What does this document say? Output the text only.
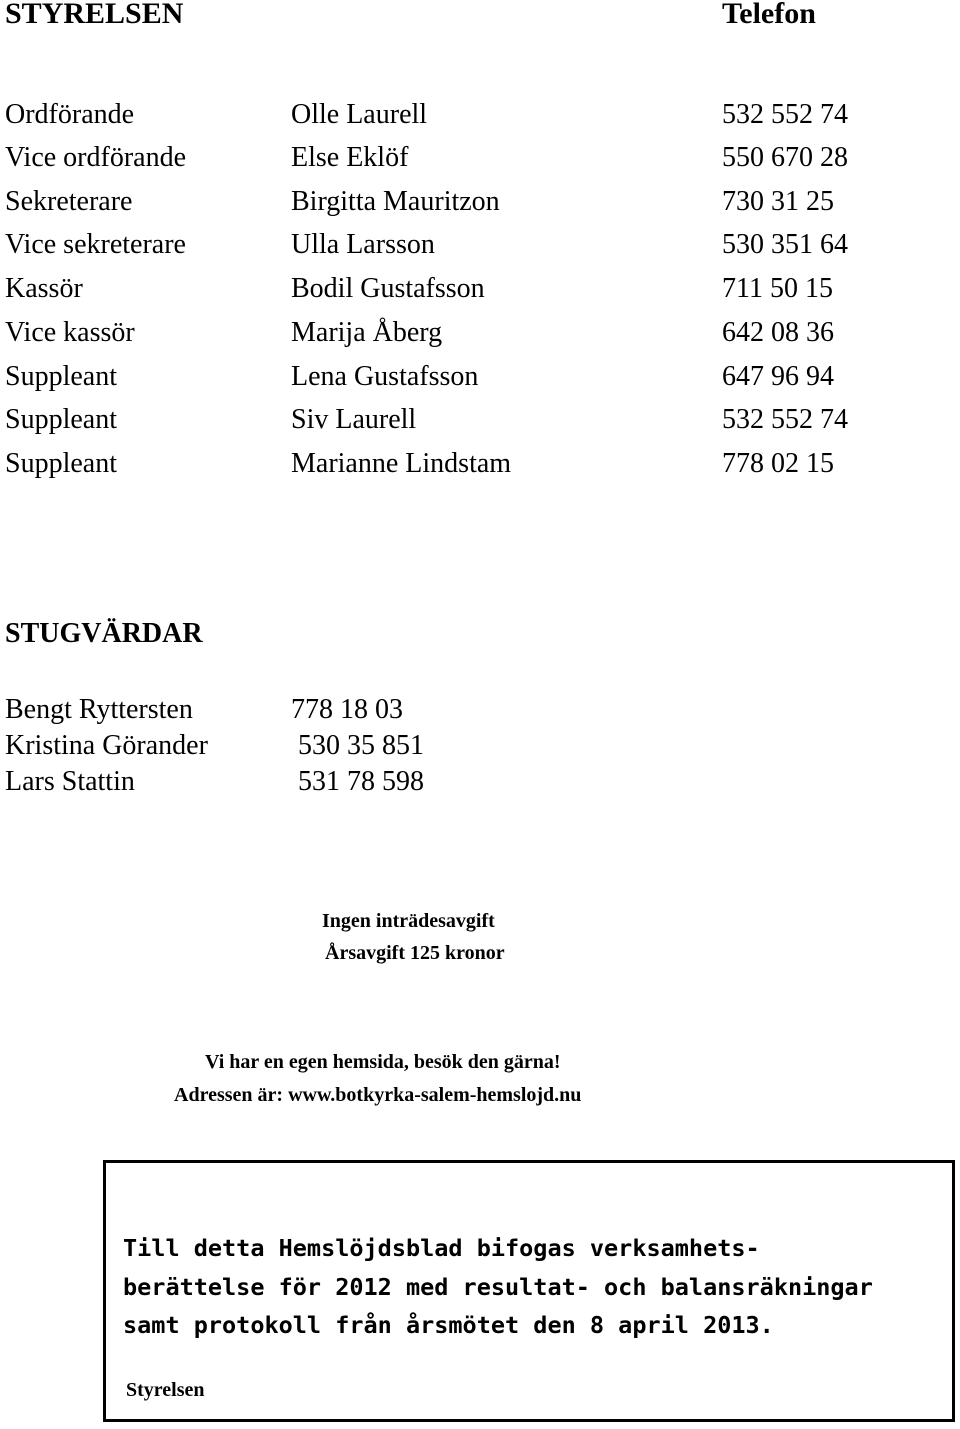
STYRELSEN	Telefon
Ordförande	Olle Laurell	532 552 74
Vice ordförande	Else Eklöf	550 670 28
Sekreterare	Birgitta Mauritzon	730 31 25
Vice sekreterare	Ulla Larsson	530 351 64
Kassör	Bodil Gustafsson	711 50 15
Vice kassör	Marija Åberg	642 08 36
Suppleant	Lena Gustafsson	647 96 94
Suppleant	Siv Laurell	532 552 74
Suppleant	Marianne Lindstam	778 02 15
STUGVÄRDAR
Bengt Ryttersten	778 18 03
Kristina Görander	530 35 851
Lars Stattin	531 78 598
Ingen inträdesavgift
Årsavgift 125 kronor
Vi har en egen hemsida, besök den gärna!
Adressen är: www.botkyrka-salem-hemslojd.nu
Till detta Hemslöjdsblad bifogas verksamhets-
berättelse för 2012 med resultat- och balansräkningar
samt protokoll från årsmötet den 8 april 2013.
Styrelsen
